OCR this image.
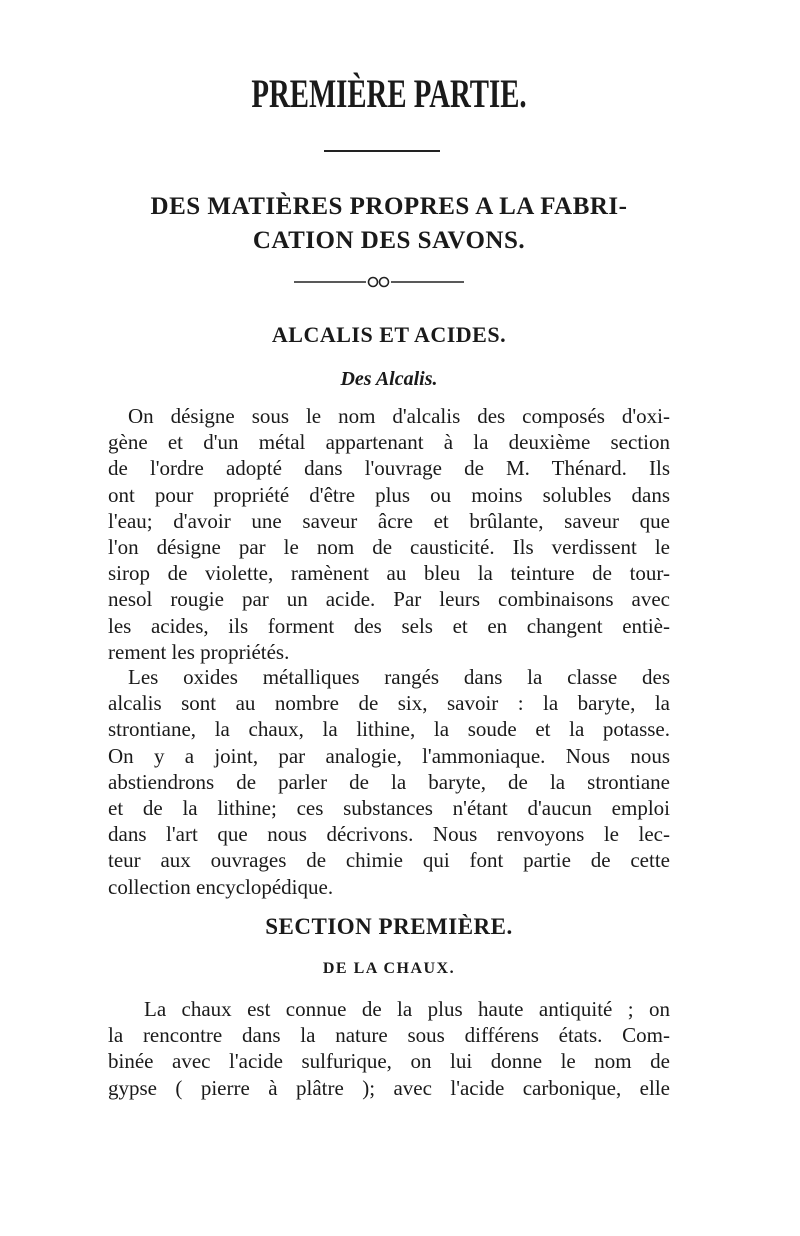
PREMIÈRE PARTIE.
DES MATIÈRES PROPRES A LA FABRI-
CATION DES SAVONS.
ALCALIS ET ACIDES.
Des Alcalis.

On désigne sous le nom d'alcalis des composés d'oxi-
gène et d'un métal appartenant à la deuxième section
de l'ordre adopté dans l'ouvrage de M. Thénard. Ils
ont pour propriété d'être plus ou moins solubles dans
l'eau; d'avoir une saveur âcre et brûlante, saveur que
l'on désigne par le nom de causticité. Ils verdissent le
sirop de violette, ramènent au bleu la teinture de tour-
nesol rougie par un acide. Par leurs combinaisons avec
les acides, ils forment des sels et en changent entiè-
rement les propriétés.

Les oxides métalliques rangés dans la classe des
alcalis sont au nombre de six, savoir : la baryte, la
strontiane, la chaux, la lithine, la soude et la potasse.
On y a joint, par analogie, l'ammoniaque. Nous nous
abstiendrons de parler de la baryte, de la strontiane
et de la lithine; ces substances n'étant d'aucun emploi
dans l'art que nous décrivons. Nous renvoyons le lec-
teur aux ouvrages de chimie qui font partie de cette
collection encyclopédique.

SECTION PREMIÈRE.
DE LA CHAUX.

La chaux est connue de la plus haute antiquité ; on
la rencontre dans la nature sous différens états. Com-
binée avec l'acide sulfurique, on lui donne le nom de
gypse ( pierre à plâtre ); avec l'acide carbonique, elle
